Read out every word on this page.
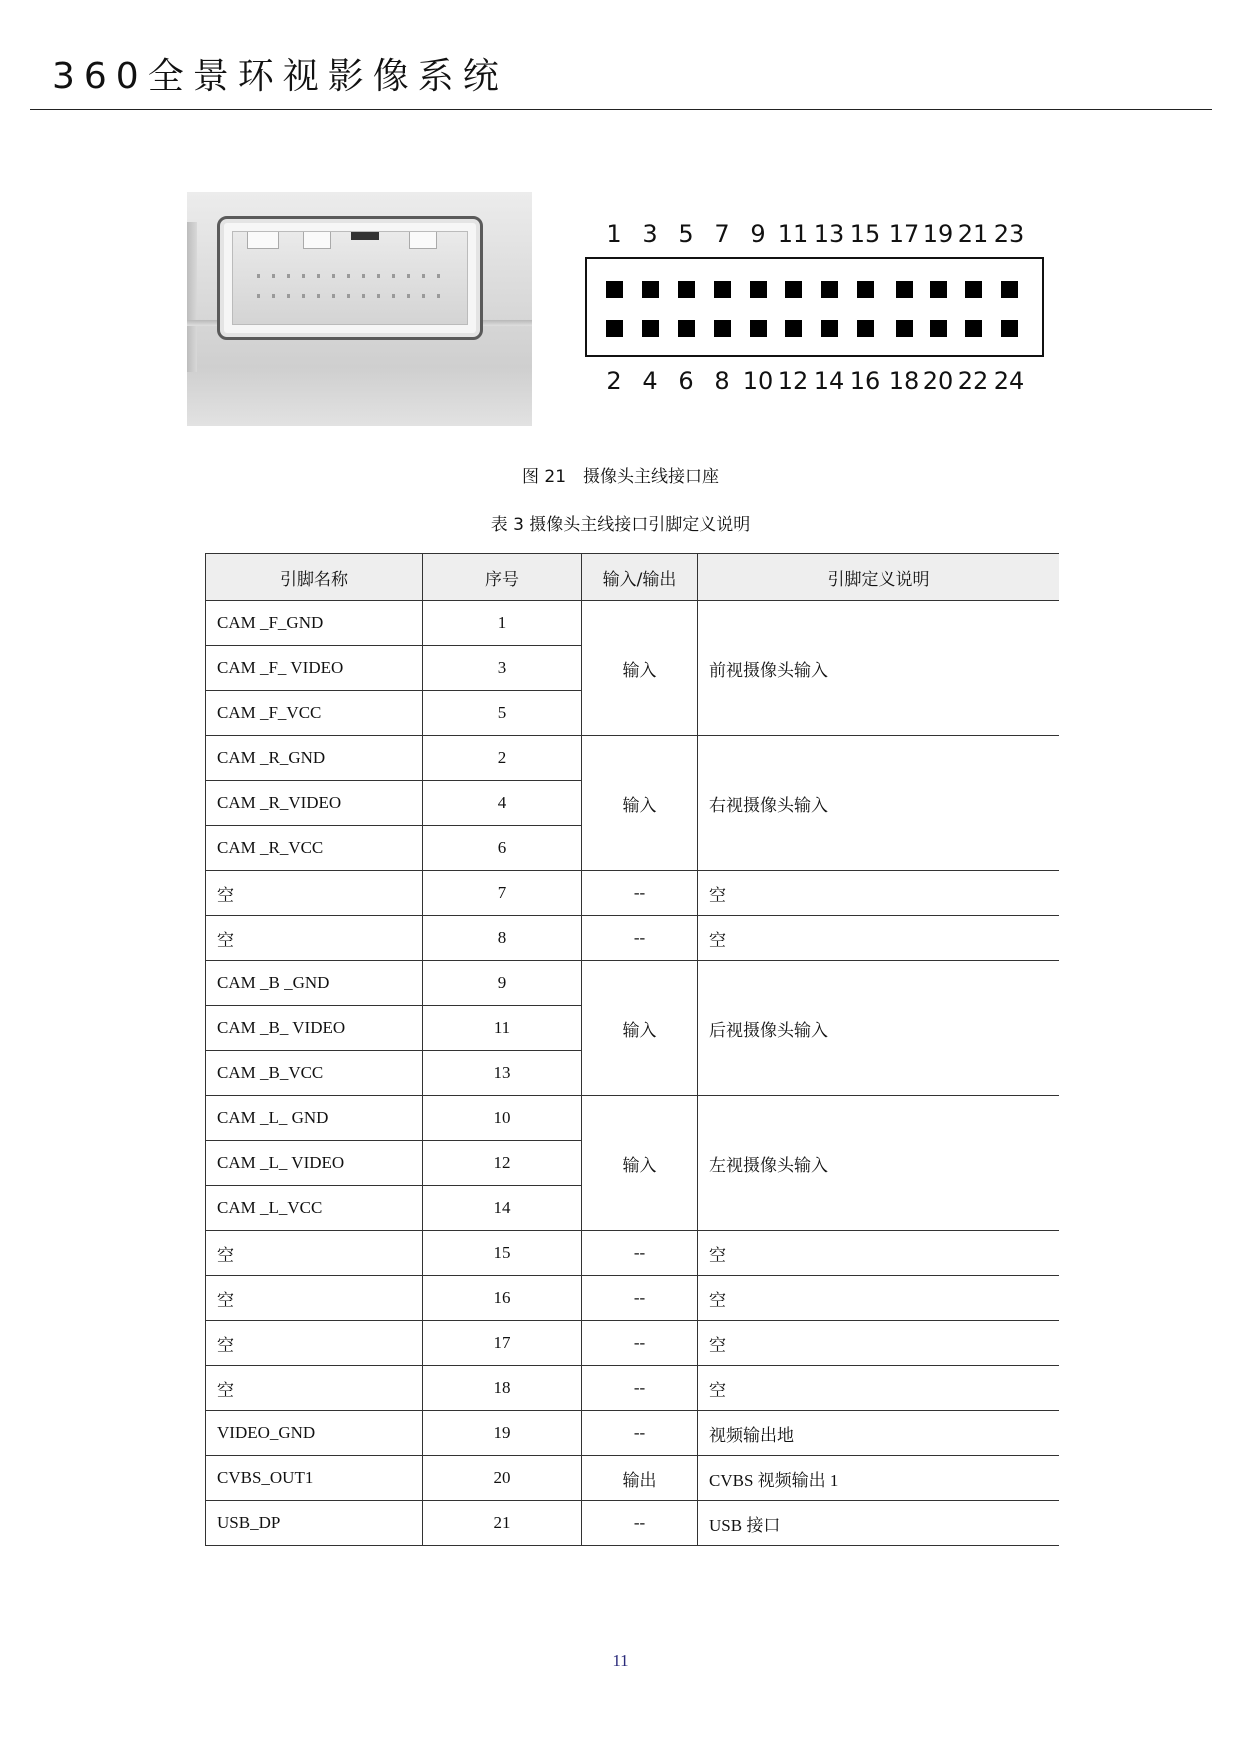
360全景环视影像系统
1 3 5 7 9 11 13 15 17 19 21 23
2 4 6 8 10 12 14 16 18 20 22 24
图 21　摄像头主线接口座
表 3 摄像头主线接口引脚定义说明
引脚名称	序号	输入/输出	引脚定义说明
CAM _F_GND	1	输入	前视摄像头输入
CAM _F_ VIDEO	3		
CAM _F_VCC	5		
CAM _R_GND	2	输入	右视摄像头输入
CAM _R_VIDEO	4		
CAM _R_VCC	6		
空	7	--	空
空	8	--	空
CAM _B _GND	9	输入	后视摄像头输入
CAM _B_ VIDEO	11		
CAM _B_VCC	13		
CAM _L_ GND	10	输入	左视摄像头输入
CAM _L_ VIDEO	12		
CAM _L_VCC	14		
空	15	--	空
空	16	--	空
空	17	--	空
空	18	--	空
VIDEO_GND	19	--	视频输出地
CVBS_OUT1	20	输出	CVBS 视频输出 1
USB_DP	21	--	USB 接口
11
